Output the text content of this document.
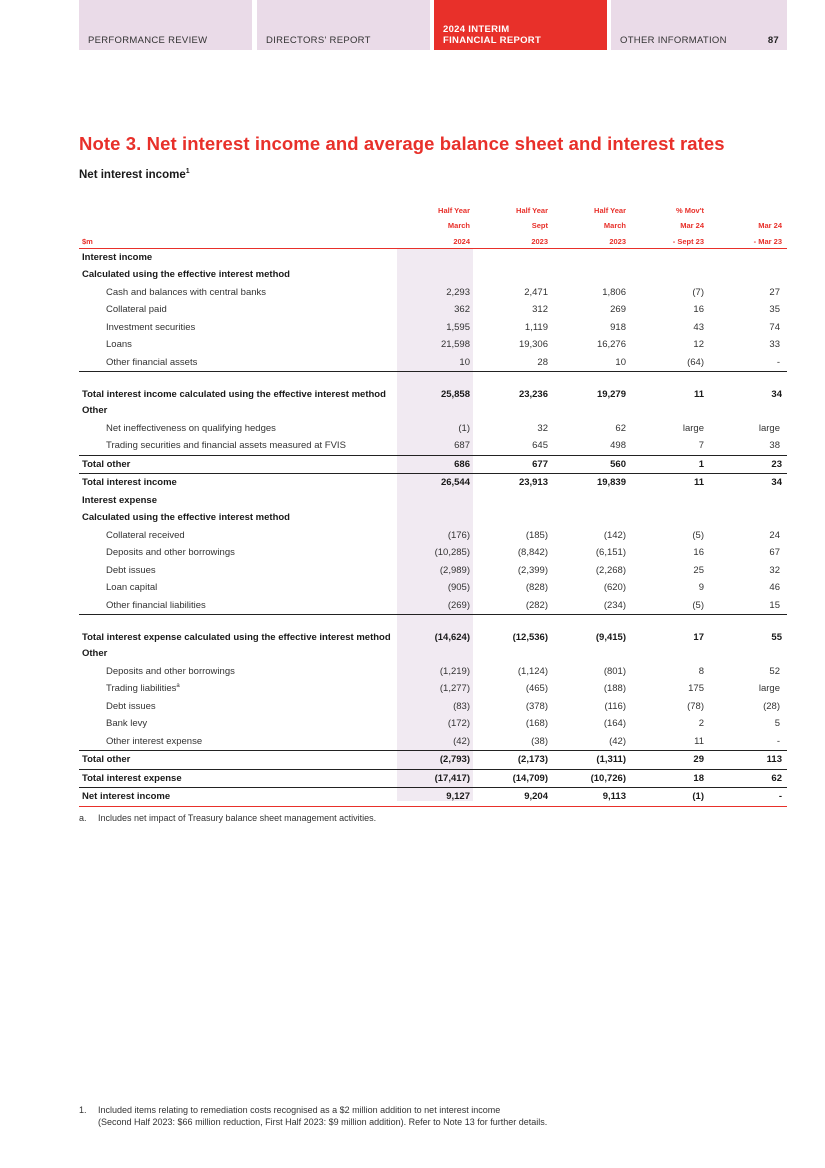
PERFORMANCE REVIEW	DIRECTORS' REPORT
2024 INTERIM
FINANCIAL REPORT	OTHER INFORMATION	87
Note 3. Net interest income and average balance sheet and interest rates
Net interest income$^1$
	Half Year	Half Year	Half Year	% Mov't	
	March	Sept	March	Mar 24	Mar 24
$m	2024	2023	2023	- Sept 23	- Mar 23
Interest income					
Calculated using the effective interest method					
Cash and balances with central banks	2,293	2,471	1,806	(7)	27
Collateral paid	362	312	269	16	35
Investment securities	1,595	1,119	918	43	74
Loans	21,598	19,306	16,276	12	33
Other financial assets	10	28	10	(64)	-
Total interest income calculated using the effective interest method	25,858	23,236	19,279	11	34
Other					
Net ineffectiveness on qualifying hedges	(1)	32	62	large	large
Trading securities and financial assets measured at FVIS	687	645	498	7	38
Total other	686	677	560	1	23
Total interest income	26,544	23,913	19,839	11	34
Interest expense					
Calculated using the effective interest method					
Collateral received	(176)	(185)	(142)	(5)	24
Deposits and other borrowings	(10,285)	(8,842)	(6,151)	16	67
Debt issues	(2,989)	(2,399)	(2,268)	25	32
Loan capital	(905)	(828)	(620)	9	46
Other financial liabilities	(269)	(282)	(234)	(5)	15
Total interest expense calculated using the effective interest method	(14,624)	(12,536)	(9,415)	17	55
Other					
Deposits and other borrowings	(1,219)	(1,124)	(801)	8	52
Trading liabilities$^a$	(1,277)	(465)	(188)	175	large
Debt issues	(83)	(378)	(116)	(78)	(28)
Bank levy	(172)	(168)	(164)	2	5
Other interest expense	(42)	(38)	(42)	11	-
Total other	(2,793)	(2,173)	(1,311)	29	113
Total interest expense	(17,417)	(14,709)	(10,726)	18	62
Net interest income	9,127	9,204	9,113	(1)	-
a. Includes net impact of Treasury balance sheet management activities.
1. Included items relating to remediation costs recognised as a $2 million addition to net interest income
(Second Half 2023: $66 million reduction, First Half 2023: $9 million addition). Refer to Note 13 for further details.
